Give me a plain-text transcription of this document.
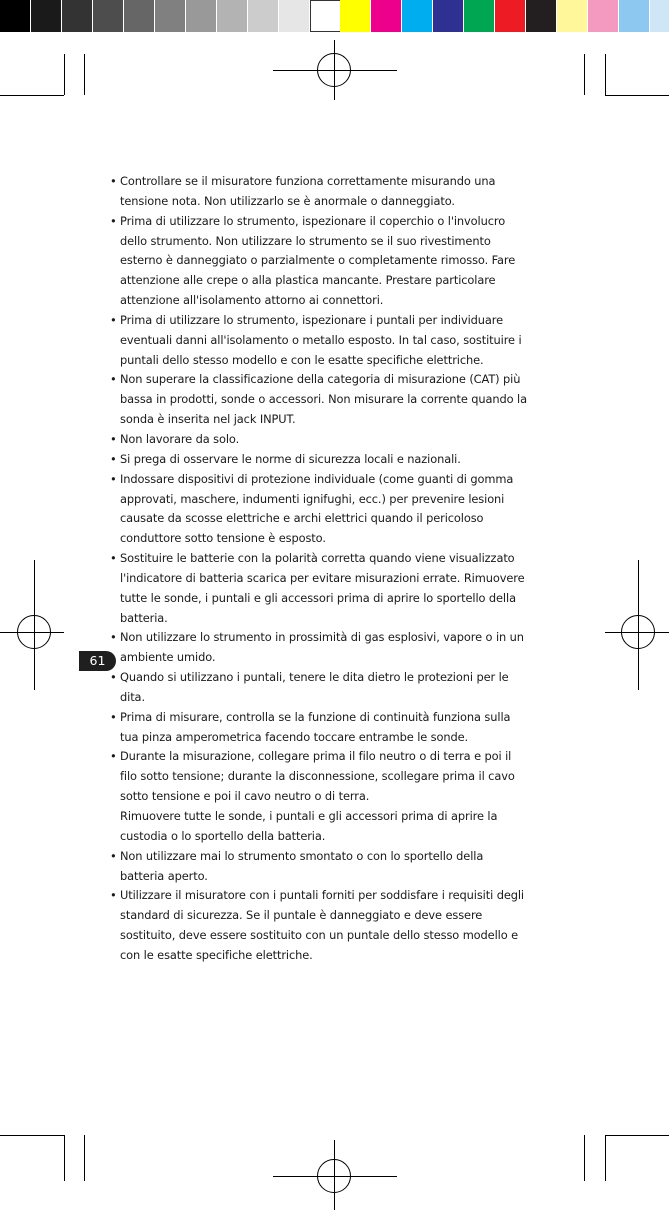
61
• Controllare se il misuratore funziona correttamente misurando una tensione nota. Non utilizzarlo se è anormale o danneggiato.
• Prima di utilizzare lo strumento, ispezionare il coperchio o l'involucro dello strumento. Non utilizzare lo strumento se il suo rivestimento esterno è danneggiato o parzialmente o completamente rimosso. Fare attenzione alle crepe o alla plastica mancante. Prestare particolare attenzione all'isolamento attorno ai connettori.
• Prima di utilizzare lo strumento, ispezionare i puntali per individuare eventuali danni all'isolamento o metallo esposto. In tal caso, sostituire i puntali dello stesso modello e con le esatte specifiche elettriche.
• Non superare la classificazione della categoria di misurazione (CAT) più bassa in prodotti, sonde o accessori. Non misurare la corrente quando la sonda è inserita nel jack INPUT.
• Non lavorare da solo.
• Si prega di osservare le norme di sicurezza locali e nazionali.
• Indossare dispositivi di protezione individuale (come guanti di gomma approvati, maschere, indumenti ignifughi, ecc.) per prevenire lesioni causate da scosse elettriche e archi elettrici quando il pericoloso conduttore sotto tensione è esposto.
• Sostituire le batterie con la polarità corretta quando viene visualizzato l'indicatore di batteria scarica per evitare misurazioni errate. Rimuovere tutte le sonde, i puntali e gli accessori prima di aprire lo sportello della batteria.
• Non utilizzare lo strumento in prossimità di gas esplosivi, vapore o in un ambiente umido.
• Quando si utilizzano i puntali, tenere le dita dietro le protezioni per le dita.
• Prima di misurare, controlla se la funzione di continuità funziona sulla tua pinza amperometrica facendo toccare entrambe le sonde.
• Durante la misurazione, collegare prima il filo neutro o di terra e poi il filo sotto tensione; durante la disconnessione, scollegare prima il cavo sotto tensione e poi il cavo neutro o di terra.
Rimuovere tutte le sonde, i puntali e gli accessori prima di aprire la custodia o lo sportello della batteria.
• Non utilizzare mai lo strumento smontato o con lo sportello della batteria aperto.
• Utilizzare il misuratore con i puntali forniti per soddisfare i requisiti degli standard di sicurezza. Se il puntale è danneggiato e deve essere sostituito, deve essere sostituito con un puntale dello stesso modello e con le esatte specifiche elettriche.
